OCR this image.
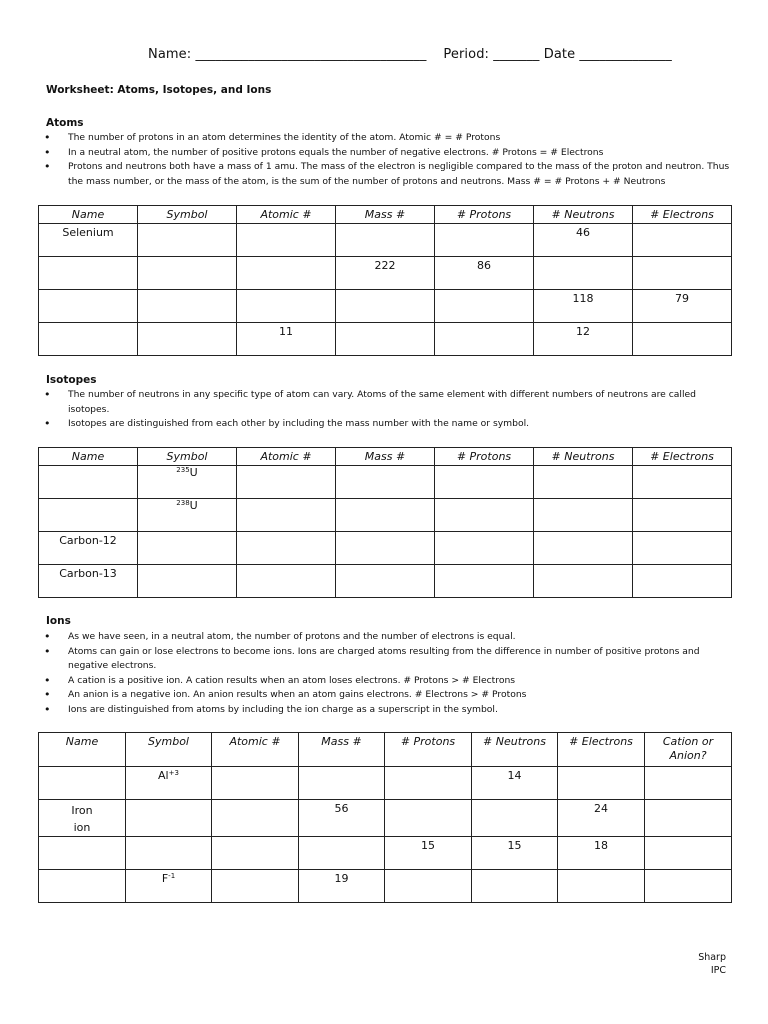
Name: ___________________________________ Period: _______ Date ______________
Worksheet: Atoms, Isotopes, and Ions
Atoms
• The number of protons in an atom determines the identity of the atom. Atomic # = # Protons
• In a neutral atom, the number of positive protons equals the number of negative electrons. # Protons = # Electrons
• Protons and neutrons both have a mass of 1 amu. The mass of the electron is negligible compared to the mass of the proton and neutron. Thus the mass number, or the mass of the atom, is the sum of the number of protons and neutrons. Mass # = # Protons + # Neutrons
Name	Symbol	Atomic #	Mass #	# Protons	# Neutrons	# Electrons
Selenium					46	
			222	86		
					118	79
		11			12	
Isotopes
• The number of neutrons in any specific type of atom can vary. Atoms of the same element with different numbers of neutrons are called isotopes.
• Isotopes are distinguished from each other by including the mass number with the name or symbol.
Name	Symbol	Atomic #	Mass #	# Protons	# Neutrons	# Electrons
	$^{235}$U					
	$^{238}$U					
Carbon-12						
Carbon-13						
Ions
• As we have seen, in a neutral atom, the number of protons and the number of electrons is equal.
• Atoms can gain or lose electrons to become ions. Ions are charged atoms resulting from the difference in number of positive protons and negative electrons.
• A cation is a positive ion. A cation results when an atom loses electrons. # Protons > # Electrons
• An anion is a negative ion. An anion results when an atom gains electrons. # Electrons > # Protons
• Ions are distinguished from atoms by including the ion charge as a superscript in the symbol.
Name	Symbol	Atomic #	Mass #	# Protons	# Neutrons	# Electrons	Cation or Anion?
	$Al^{+3}$				14		
Iron ion			56			24	
				15	15	18	
	$F^{-1}$		19				
Sharp
IPC
